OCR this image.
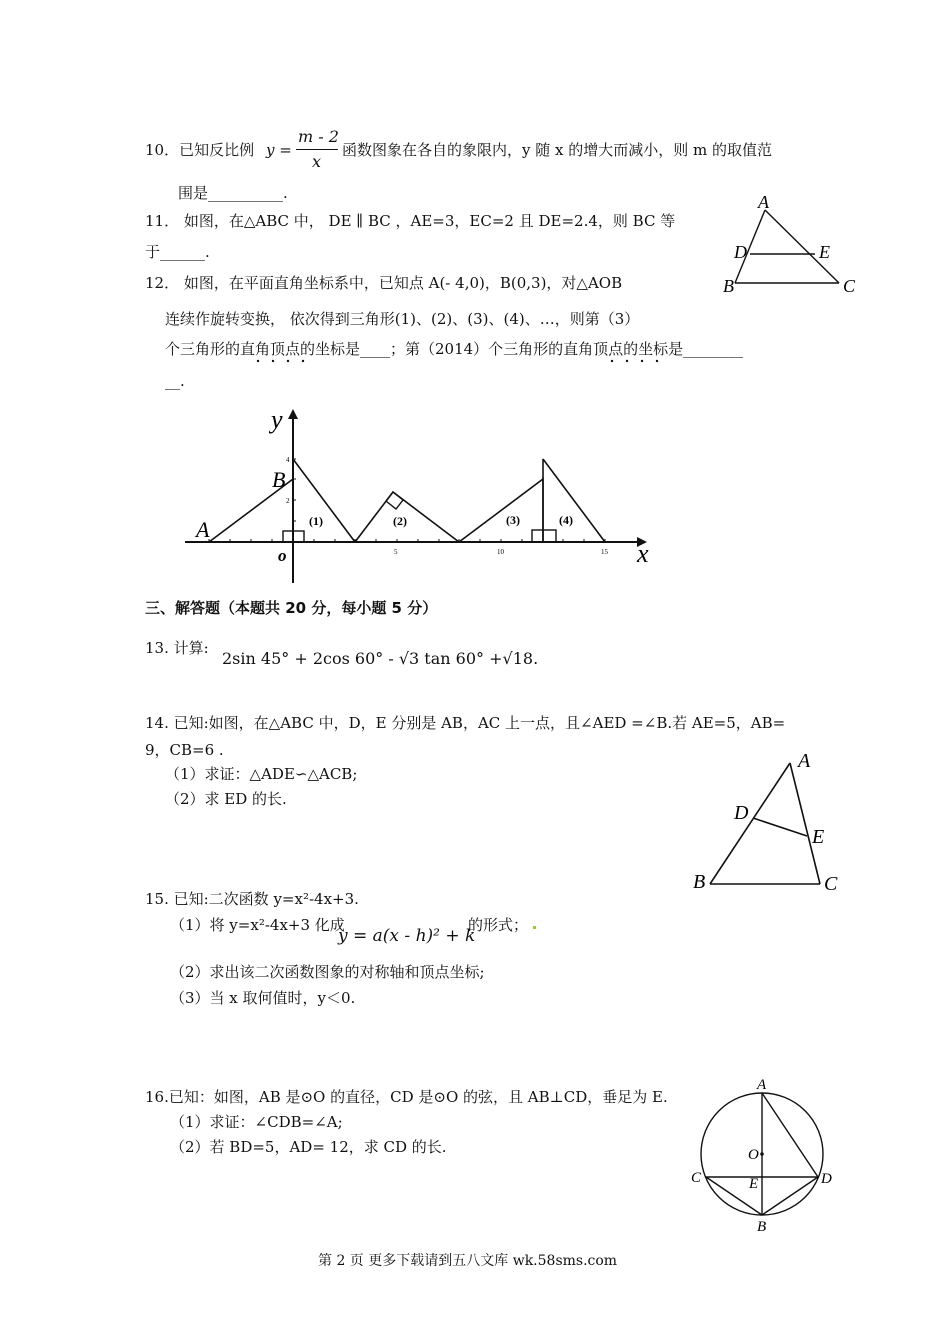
10．已知反比例 y =
m - 2
x
函数图象在各自的象限内，y 随 x 的增大而减小，则 m 的取值范
围是__________.
11． 如图，在△ABC 中， DE ∥ BC ，AE=3，EC=2 且 DE=2.4，则 BC 等
于______.
A
B	C
D	E
12． 如图，在平面直角坐标系中，已知点 A(- 4,0)，B(0,3)，对△AOB
连续作旋转变换， 依次得到三角形(1)、(2)、(3)、(4)、…，则第（3）
个三角形的直角顶点的坐标是____；第（2014）个三角形的直角顶点的坐标是________
__.
y
x
o
A
B
(1)	(2)	(3)	(4)
5	10	15
4
2
三、解答题（本题共 20 分，每小题 5 分）
13. 计算:
2sin 45° + 2cos 60° - √3 tan 60° +√18.
14. 已知:如图，在△ABC 中，D，E 分别是 AB，AC 上一点，且∠AED =∠B.若 AE=5，AB=
9，CB=6 .
（1）求证：△ADE∽△ACB;
（2）求 ED 的长.
A
B	C
D
E
15. 已知:二次函数 y=x²-4x+3.
（1）将 y=x²-4x+3 化成
y = a(x - h)² + k
的形式；
（2）求出该二次函数图象的对称轴和顶点坐标;
（3）当 x 取何值时，y＜0.
16.已知：如图，AB 是⊙O 的直径，CD 是⊙O 的弦，且 AB⊥CD，垂足为 E.
（1）求证：∠CDB=∠A;
（2）若 BD=5，AD= 12，求 CD 的长.
A
B
C	D
E
O
第 2 页 更多下载请到五八文库 wk.58sms.com
